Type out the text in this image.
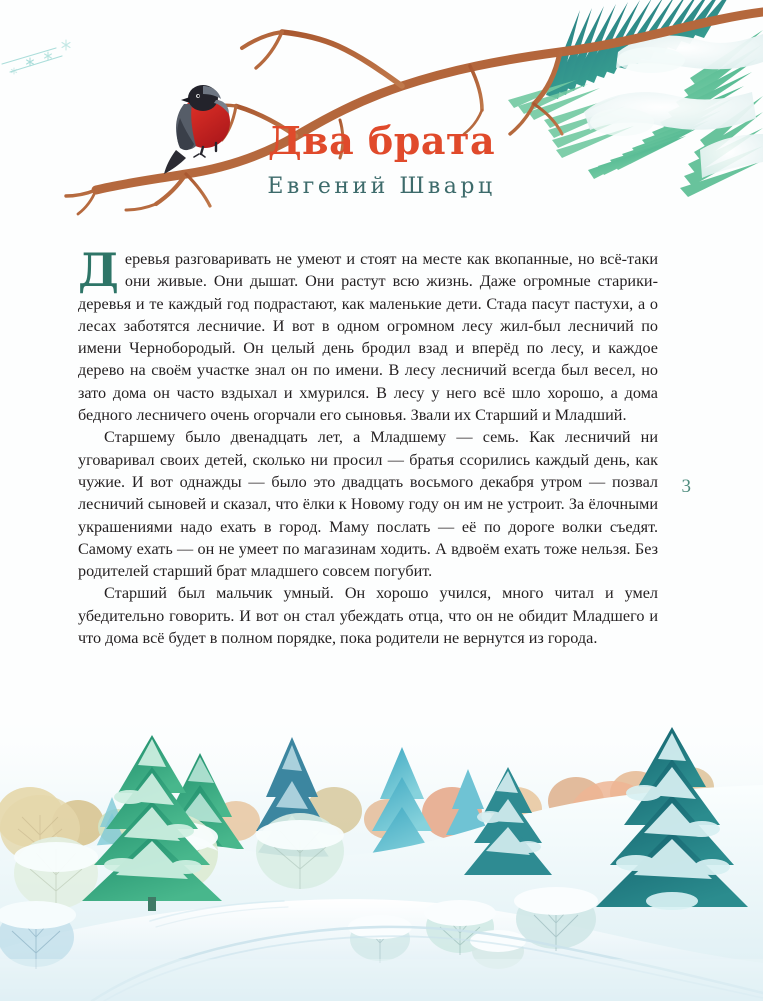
Два брата

Евгений Шварц

Деревья разговаривать не умеют и стоят на месте как вкопанные, но всё-таки они живые. Они дышат. Они растут всю жизнь. Даже огромные старики-деревья и те каждый год подрастают, как маленькие дети. Стада пасут пастухи, а о лесах заботятся лесничие. И вот в одном огромном лесу жил-был лесничий по имени Чернобородый. Он целый день бродил взад и вперёд по лесу, и каждое дерево на своём участке знал он по имени. В лесу лесничий всегда был весел, но зато дома он часто вздыхал и хмурился. В лесу у него всё шло хорошо, а дома бедного лесничего очень огорчали его сыновья. Звали их Старший и Младший.

Старшему было двенадцать лет, а Младшему — семь. Как лесничий ни уговаривал своих детей, сколько ни просил — братья ссорились каждый день, как чужие. И вот однажды — было это двадцать восьмого декабря утром — позвал лесничий сыновей и сказал, что ёлки к Новому году он им не устроит. За ёлочными украшениями надо ехать в город. Маму послать — её по дороге волки съедят. Самому ехать — он не умеет по магазинам ходить. А вдвоём ехать тоже нельзя. Без родителей старший брат младшего совсем погубит.

Старший был мальчик умный. Он хорошо учился, много читал и умел убедительно говорить. И вот он стал убеждать отца, что он не обидит Младшего и что дома всё будет в полном порядке, пока родители не вернутся из города.

3
